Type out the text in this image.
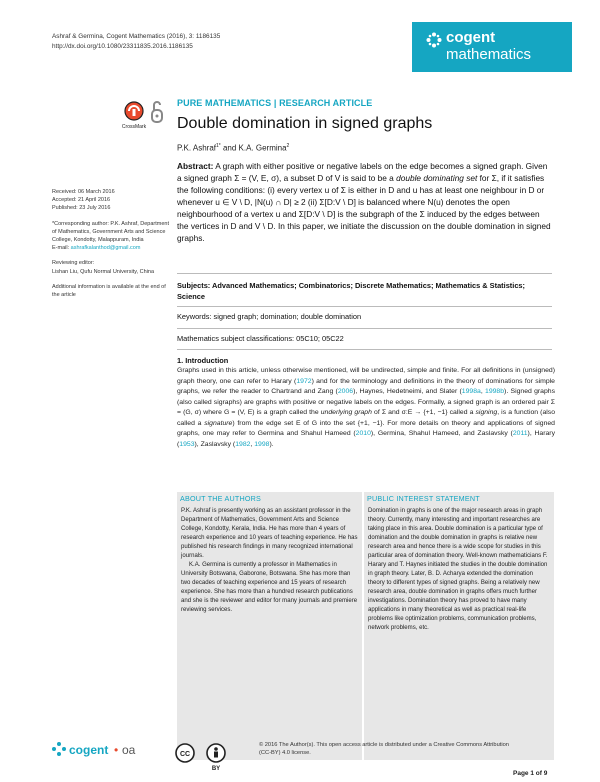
Ashraf & Germina, Cogent Mathematics (2016), 3: 1186135
http://dx.doi.org/10.1080/23311835.2016.1186135	cogent
mathematics
CrossMark
PURE MATHEMATICS | RESEARCH ARTICLE
Double domination in signed graphs
P.K. Ashraf$^{1*}$ and K.A. Germina$^2$
Received: 06 March 2016
Accepted: 21 April 2016
Published: 23 July 2016
*Corresponding author: P.K. Ashraf, Department of Mathematics, Government Arts and Science College, Kondotty, Malappuram, India
E-mail: ashrafkalanthod@gmail.com
Reviewing editor:
Lishan Liu, Qufu Normal University, China
Additional information is available at the end of the article
Abstract: A graph with either positive or negative labels on the edge becomes a signed graph. Given a signed graph Σ = (V, E, σ), a subset D of V is said to be a double dominating set for Σ, if it satisfies the following conditions: (i) every vertex u of Σ is either in D and u has at least one neighbour in D or whenever u ∈ V \ D, |N(u) ∩ D| ≥ 2 (ii) Σ[D:V \ D] is balanced where N(u) denotes the open neighbourhood of a vertex u and Σ[D:V \ D] is the subgraph of the Σ induced by the edges between the vertices in D and V \ D. In this paper, we initiate the discussion on the double domination in signed graphs.
Subjects: Advanced Mathematics; Combinatorics; Discrete Mathematics; Mathematics & Statistics; Science
Keywords: signed graph; domination; double domination
Mathematics subject classifications: 05C10; 05C22
1. Introduction
Graphs used in this article, unless otherwise mentioned, will be undirected, simple and finite. For all definitions in (unsigned) graph theory, one can refer to Harary (1972) and for the terminology and definitions in the theory of dominations for simple graphs, we refer the reader to Chartrand and Zang (2006), Haynes, Hedetneimi, and Slater (1998a, 1998b). Signed graphs (also called sigraphs) are graphs with positive or negative labels on the edges. Formally, a signed graph is an ordered pair Σ = (G, σ) where G = (V, E) is a graph called the underlying graph of Σ and σ:E → {+1, −1} called a signing, is a function (also called a signature) from the edge set E of G into the set {+1, −1}. For more details on theory and applications of signed graphs, one may refer to Germina and Shahul Hameed (2010), Germina, Shahul Hameed, and Zaslavsky (2011), Harary (1953), Zaslavsky (1982, 1998).
ABOUT THE AUTHORS

P.K. Ashraf is presently working as an assistant professor in the Department of Mathematics, Government Arts and Science College, Kondotty, Kerala, India. He has more than 4 years of research experience and 10 years of teaching experience. He has published his research findings in many recognized international journals.

K.A. Germina is currently a professor in Mathematics in University Botswana, Gaborone, Botswana. She has more than two decades of teaching experience and 15 years of research experience. She has more than a hundred research publications and she is the reviewer and editor for many journals and premiere reviewing services.

PUBLIC INTEREST STATEMENT

Domination in graphs is one of the major research areas in graph theory. Currently, many interesting and important researches are taking place in this area. Double domination is a particular type of domination and the double domination in graphs is relative new research area and hence there is a wide scope for studies in this particular area of domination theory. Well-known mathematicians F. Harary and T. Haynes initiated the studies in the double domination in graph theory. Later, B. D. Acharya extended the domination theory to different types of signed graphs. Being a relatively new research area, double domination in graphs offers much further investigations. Domination theory has proved to have many applications in many theoretical as well as practical real-life problems like optimization problems, communication problems, network problems, etc.

cogent • oa	CC
BY
© 2016 The Author(s). This open access article is distributed under a Creative Commons Attribution
(CC-BY) 4.0 license.
Page 1 of 9
